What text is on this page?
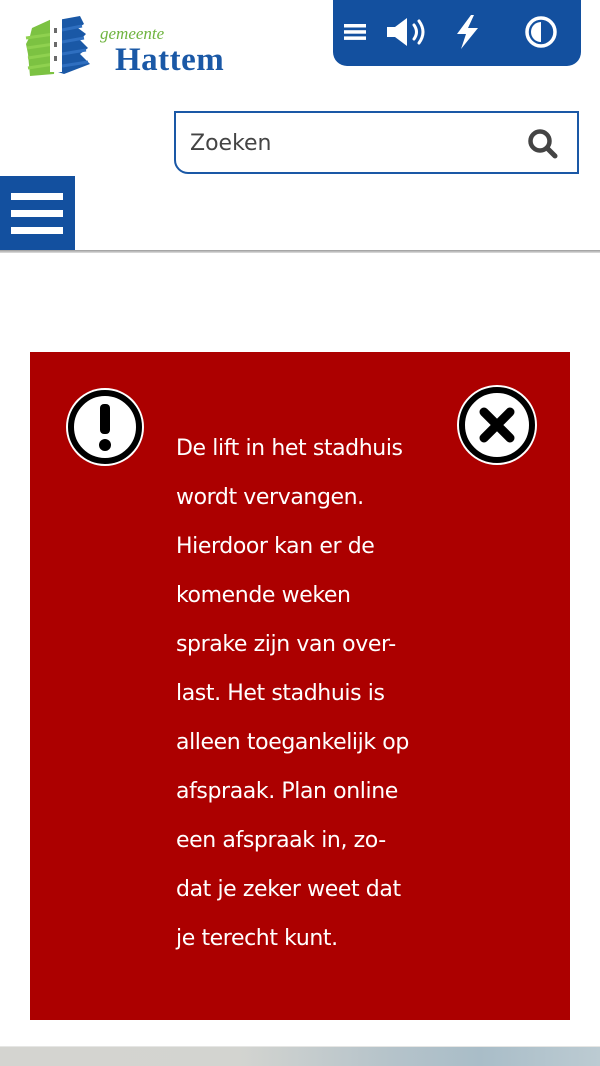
gemeente
Hattem
Zoeken

De lift in het stadhuis
wordt vervangen.
Hierdoor kan er de
komende weken
sprake zijn van over-
last. Het stadhuis is
alleen toegankelijk op
afspraak. Plan online
een afspraak in, zo-
dat je zeker weet dat
je terecht kunt.
